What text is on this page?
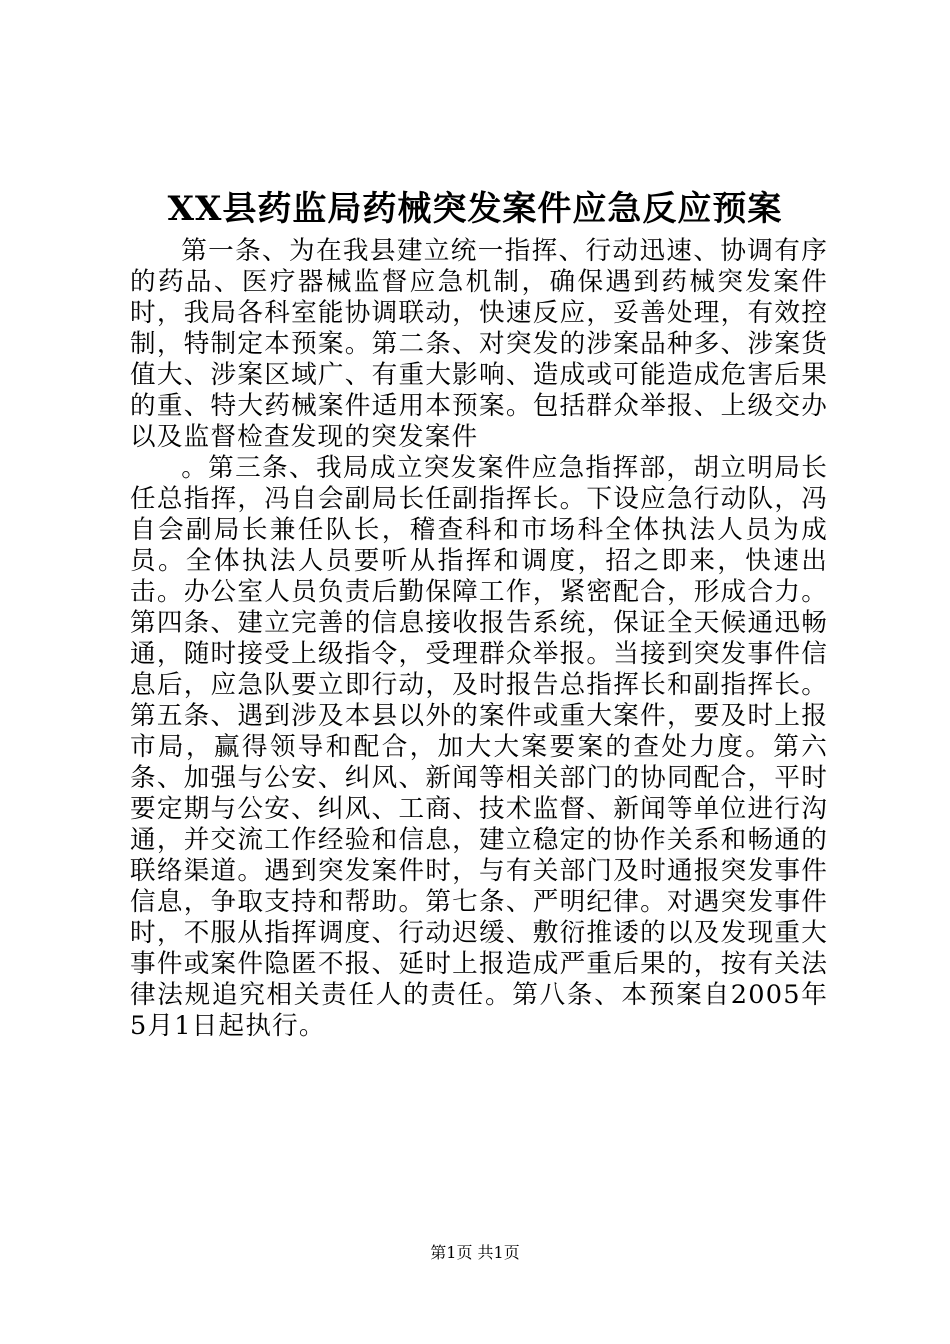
XX县药监局药械突发案件应急反应预案

第一条、为在我县建立统一指挥、行动迅速、协调有序的药品、医疗器械监督应急机制，确保遇到药械突发案件时，我局各科室能协调联动，快速反应，妥善处理，有效控制，特制定本预案。第二条、对突发的涉案品种多、涉案货值大、涉案区域广、有重大影响、造成或可能造成危害后果的重、特大药械案件适用本预案。包括群众举报、上级交办以及监督检查发现的突发案件

。第三条、我局成立突发案件应急指挥部，胡立明局长任总指挥，冯自会副局长任副指挥长。下设应急行动队，冯自会副局长兼任队长，稽查科和市场科全体执法人员为成员。全体执法人员要听从指挥和调度，招之即来，快速出击。办公室人员负责后勤保障工作，紧密配合，形成合力。第四条、建立完善的信息接收报告系统，保证全天候通迅畅通，随时接受上级指令，受理群众举报。当接到突发事件信息后，应急队要立即行动，及时报告总指挥长和副指挥长。第五条、遇到涉及本县以外的案件或重大案件，要及时上报市局，赢得领导和配合，加大大案要案的查处力度。第六条、加强与公安、纠风、新闻等相关部门的协同配合，平时要定期与公安、纠风、工商、技术监督、新闻等单位进行沟通，并交流工作经验和信息，建立稳定的协作关系和畅通的联络渠道。遇到突发案件时，与有关部门及时通报突发事件信息，争取支持和帮助。第七条、严明纪律。对遇突发事件时，不服从指挥调度、行动迟缓、敷衍推诿的以及发现重大事件或案件隐匿不报、延时上报造成严重后果的，按有关法律法规追究相关责任人的责任。第八条、本预案自2005年5月1日起执行。

第1页 共1页
